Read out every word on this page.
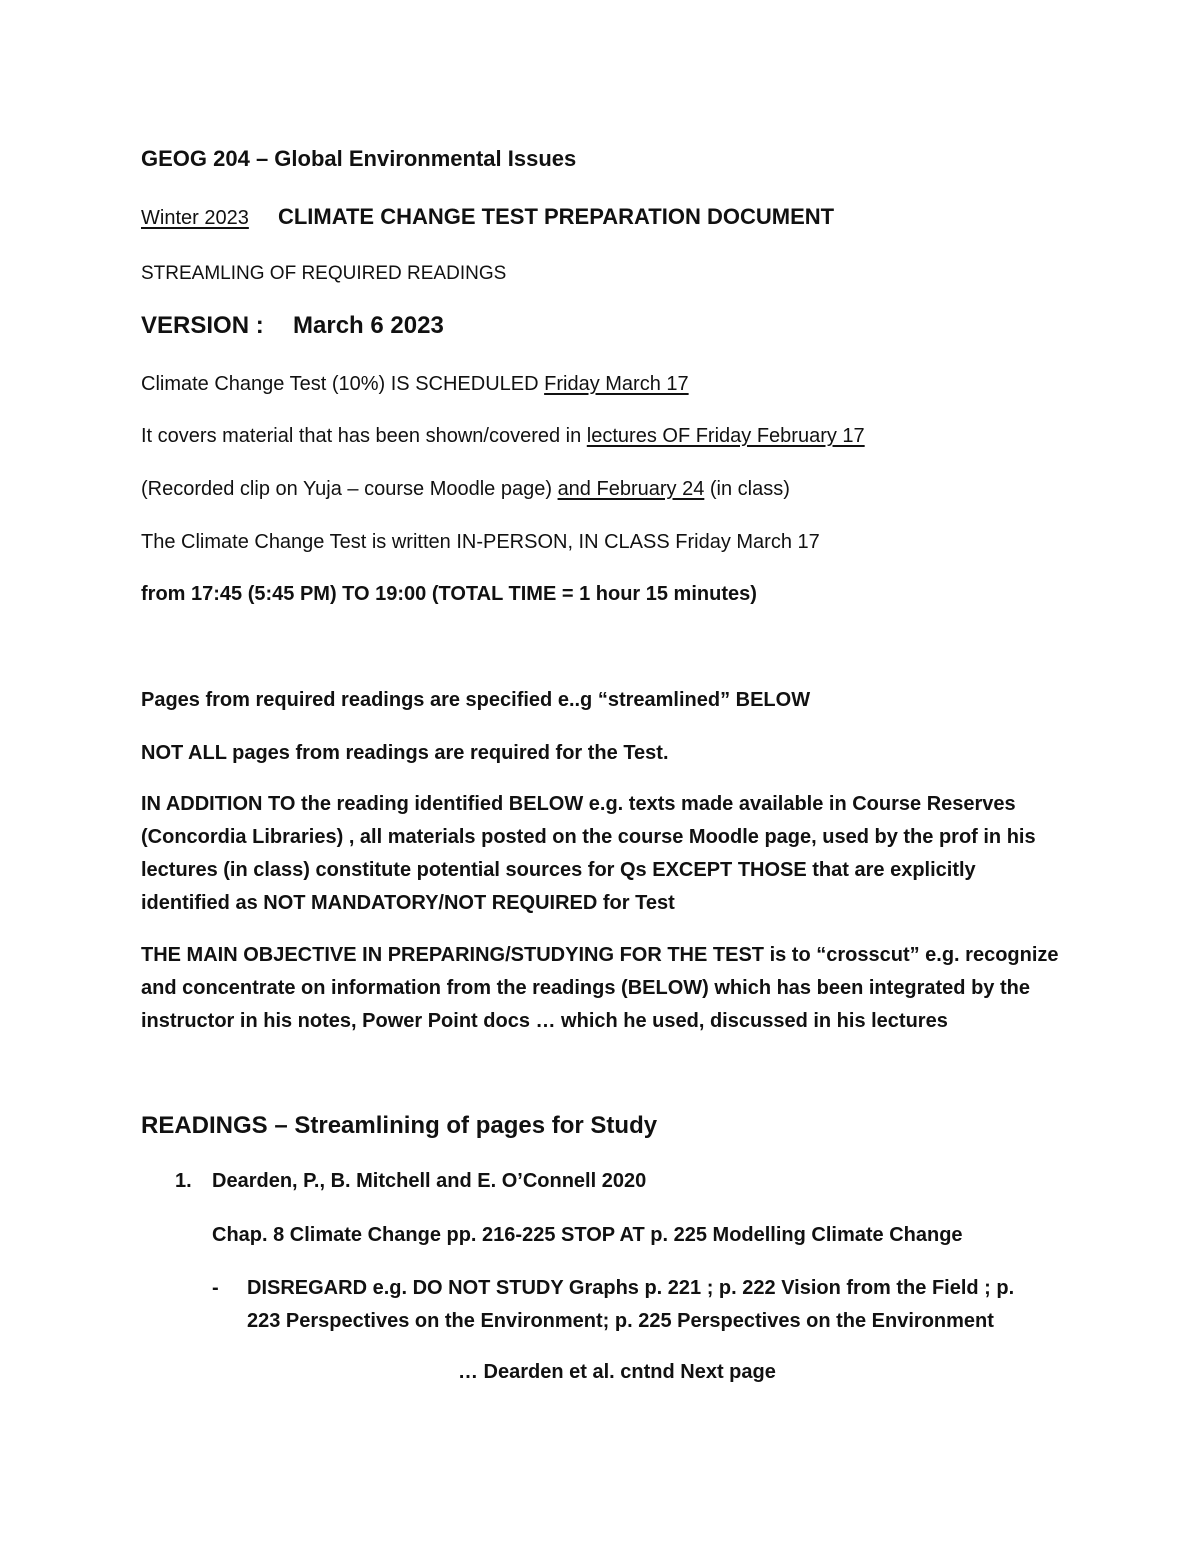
GEOG 204 – Global Environmental Issues
Winter 2023 CLIMATE CHANGE TEST PREPARATION DOCUMENT
STREAMLING OF REQUIRED READINGS
VERSION : March 6 2023
Climate Change Test (10%) IS SCHEDULED Friday March 17
It covers material that has been shown/covered in lectures OF Friday February 17
(Recorded clip on Yuja – course Moodle page) and February 24 (in class)
The Climate Change Test is written IN-PERSON, IN CLASS Friday March 17
from 17:45 (5:45 PM) TO 19:00 (TOTAL TIME = 1 hour 15 minutes)
Pages from required readings are specified e..g “streamlined” BELOW
NOT ALL pages from readings are required for the Test.
IN ADDITION TO the reading identified BELOW e.g. texts made available in Course Reserves
(Concordia Libraries) , all materials posted on the course Moodle page, used by the prof in his
lectures (in class) constitute potential sources for Qs EXCEPT THOSE that are explicitly
identified as NOT MANDATORY/NOT REQUIRED for Test
THE MAIN OBJECTIVE IN PREPARING/STUDYING FOR THE TEST is to “crosscut” e.g. recognize
and concentrate on information from the readings (BELOW) which has been integrated by the
instructor in his notes, Power Point docs … which he used, discussed in his lectures
READINGS – Streamlining of pages for Study
1. Dearden, P., B. Mitchell and E. O’Connell 2020
Chap. 8 Climate Change pp. 216-225 STOP AT p. 225 Modelling Climate Change
- DISREGARD e.g. DO NOT STUDY Graphs p. 221 ; p. 222 Vision from the Field ; p.
223 Perspectives on the Environment; p. 225 Perspectives on the Environment
… Dearden et al. cntnd Next page
